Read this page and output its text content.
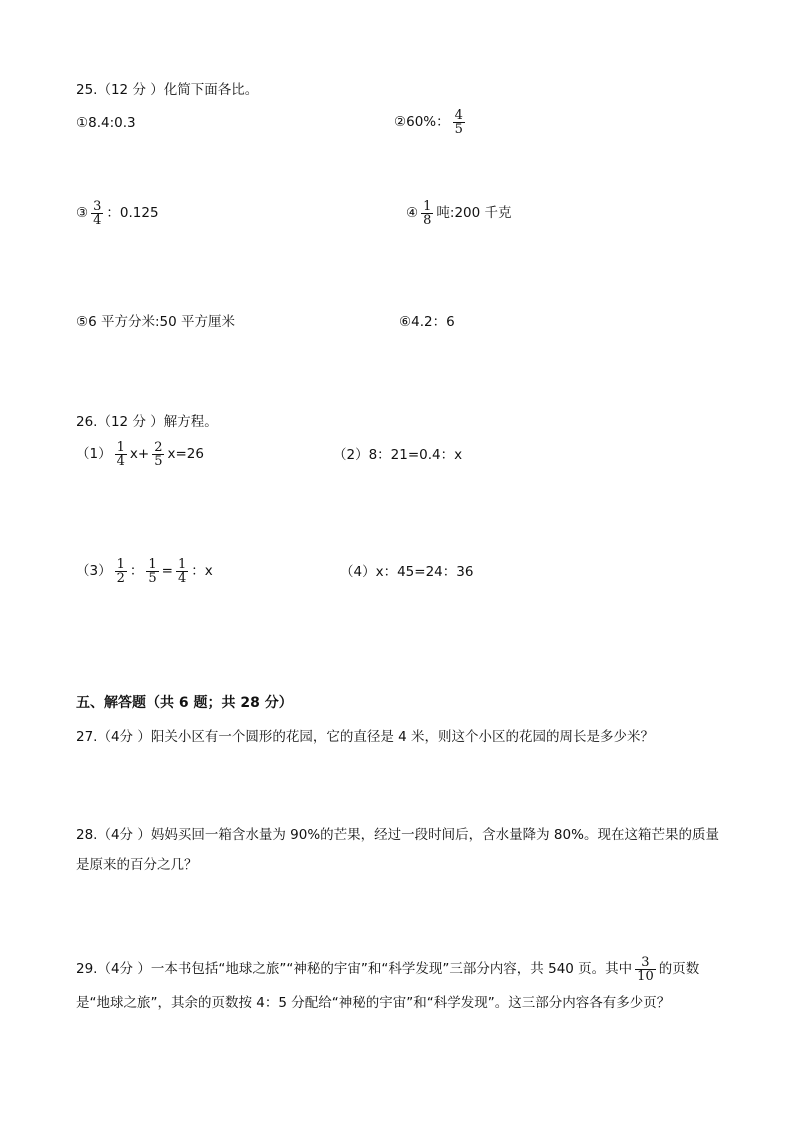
25.（12 分 ）化简下面各比。
①8.4:0.3	②60%： $\frac{4}{5}$
③ $\frac{3}{4}$ ：0.125	④ $\frac{1}{8}$ 吨:200 千克
⑤6 平方分米:50 平方厘米	⑥4.2：6
26.（12 分 ）解方程。
$(1) \frac{1}{4} x+ \frac{2}{5} x=26$	（2）8：21=0.4：x
$(3) \frac{1}{2}$ ： $\frac{1}{5} = \frac{1}{4}$ ：x	（4）x：45=24：36
五、解答题（共 6 题；共 28 分）
27.（4分 ）阳关小区有一个圆形的花园，它的直径是 4 米，则这个小区的花园的周长是多少米？
28.（4分 ）妈妈买回一箱含水量为 90%的芒果，经过一段时间后，含水量降为 80%。现在这箱芒果的质量是原来的百分之几？
29.（4分 ）一本书包括“地球之旅”“神秘的宇宙”和“科学发现”三部分内容，共 540 页。其中 $\frac{3}{10}$ 的页数是“地球之旅”，其余的页数按 4：5 分配给“神秘的宇宙”和“科学发现”。这三部分内容各有多少页？
